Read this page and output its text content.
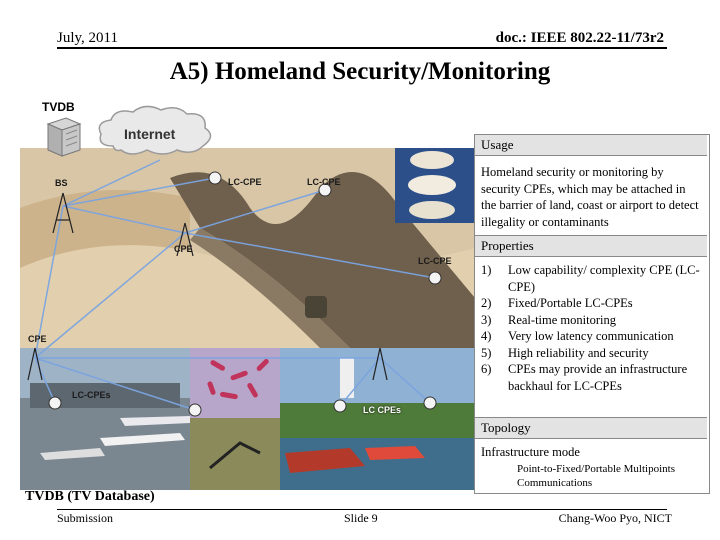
July, 2011	doc.: IEEE 802.22-11/73r2
A5) Homeland Security/Monitoring
BS	LC-CPE	LC-CPE
CPE
LC-CPE
CPE
LC-CPEs
LC CPEs
TVDB
Internet
Usage
Homeland security or monitoring by security CPEs, which may be attached in the barrier of land, coast or airport to detect illegality or contaminants
Properties
1)	Low capability/ complexity CPE (LC-CPE)
2)	Fixed/Portable LC-CPEs
3)	Real-time monitoring
4)	Very low latency communication
5)	High reliability and security
6)	CPEs may provide an infrastructure backhaul for LC-CPEs
Topology
Infrastructure mode
Point-to-Fixed/Portable Multipoints Communications
TVDB (TV Database)
Submission	Slide 9	Chang-Woo Pyo, NICT
